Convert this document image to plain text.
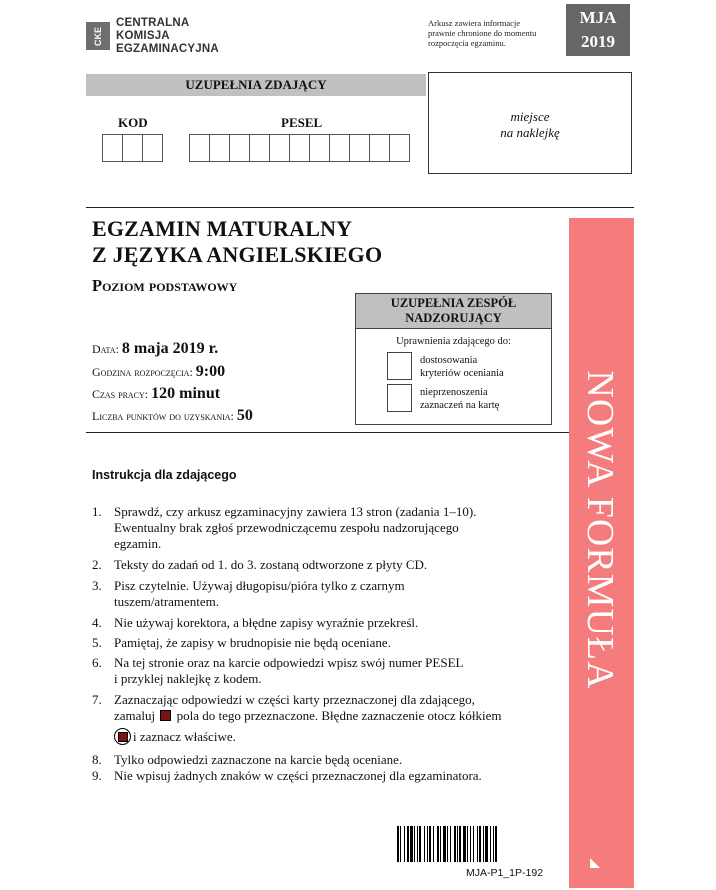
CKE
CENTRALNA
KOMISJA
EGZAMINACYJNA
Arkusz zawiera informacje
prawnie chronione do momentu
rozpoczęcia egzaminu.
MJA
2019
UZUPEŁNIA ZDAJĄCY
KOD	PESEL	miejsce
na naklejkę
EGZAMIN MATURALNY
Z JĘZYKA ANGIELSKIEGO
Poziom podstawowy
Data: 8 maja 2019 r.
Godzina rozpoczęcia: 9:00
Czas pracy: 120 minut
Liczba punktów do uzyskania: 50
UZUPEŁNIA ZESPÓŁ
NADZORUJĄCY
Uprawnienia zdającego do:
dostosowania
kryteriów oceniania
nieprzenoszenia
zaznaczeń na kartę NOWA FORMUŁA
Instrukcja dla zdającego
1. Sprawdź, czy arkusz egzaminacyjny zawiera 13 stron (zadania 1–10).
Ewentualny brak zgłoś przewodniczącemu zespołu nadzorującego
egzamin.
2. Teksty do zadań od 1. do 3. zostaną odtworzone z płyty CD.
3. Pisz czytelnie. Używaj długopisu/pióra tylko z czarnym
tuszem/atramentem.
4. Nie używaj korektora, a błędne zapisy wyraźnie przekreśl.
5. Pamiętaj, że zapisy w brudnopisie nie będą oceniane.
6. Na tej stronie oraz na karcie odpowiedzi wpisz swój numer PESEL
i przyklej naklejkę z kodem.
7. Zaznaczając odpowiedzi w części karty przeznaczonej dla zdającego,
zamaluj pola do tego przeznaczone. Błędne zaznaczenie otocz kółkiem
i zaznacz właściwe.
8. Tylko odpowiedzi zaznaczone na karcie będą oceniane.
9. Nie wpisuj żadnych znaków w części przeznaczonej dla egzaminatora.
MJA-P1_1P-192
